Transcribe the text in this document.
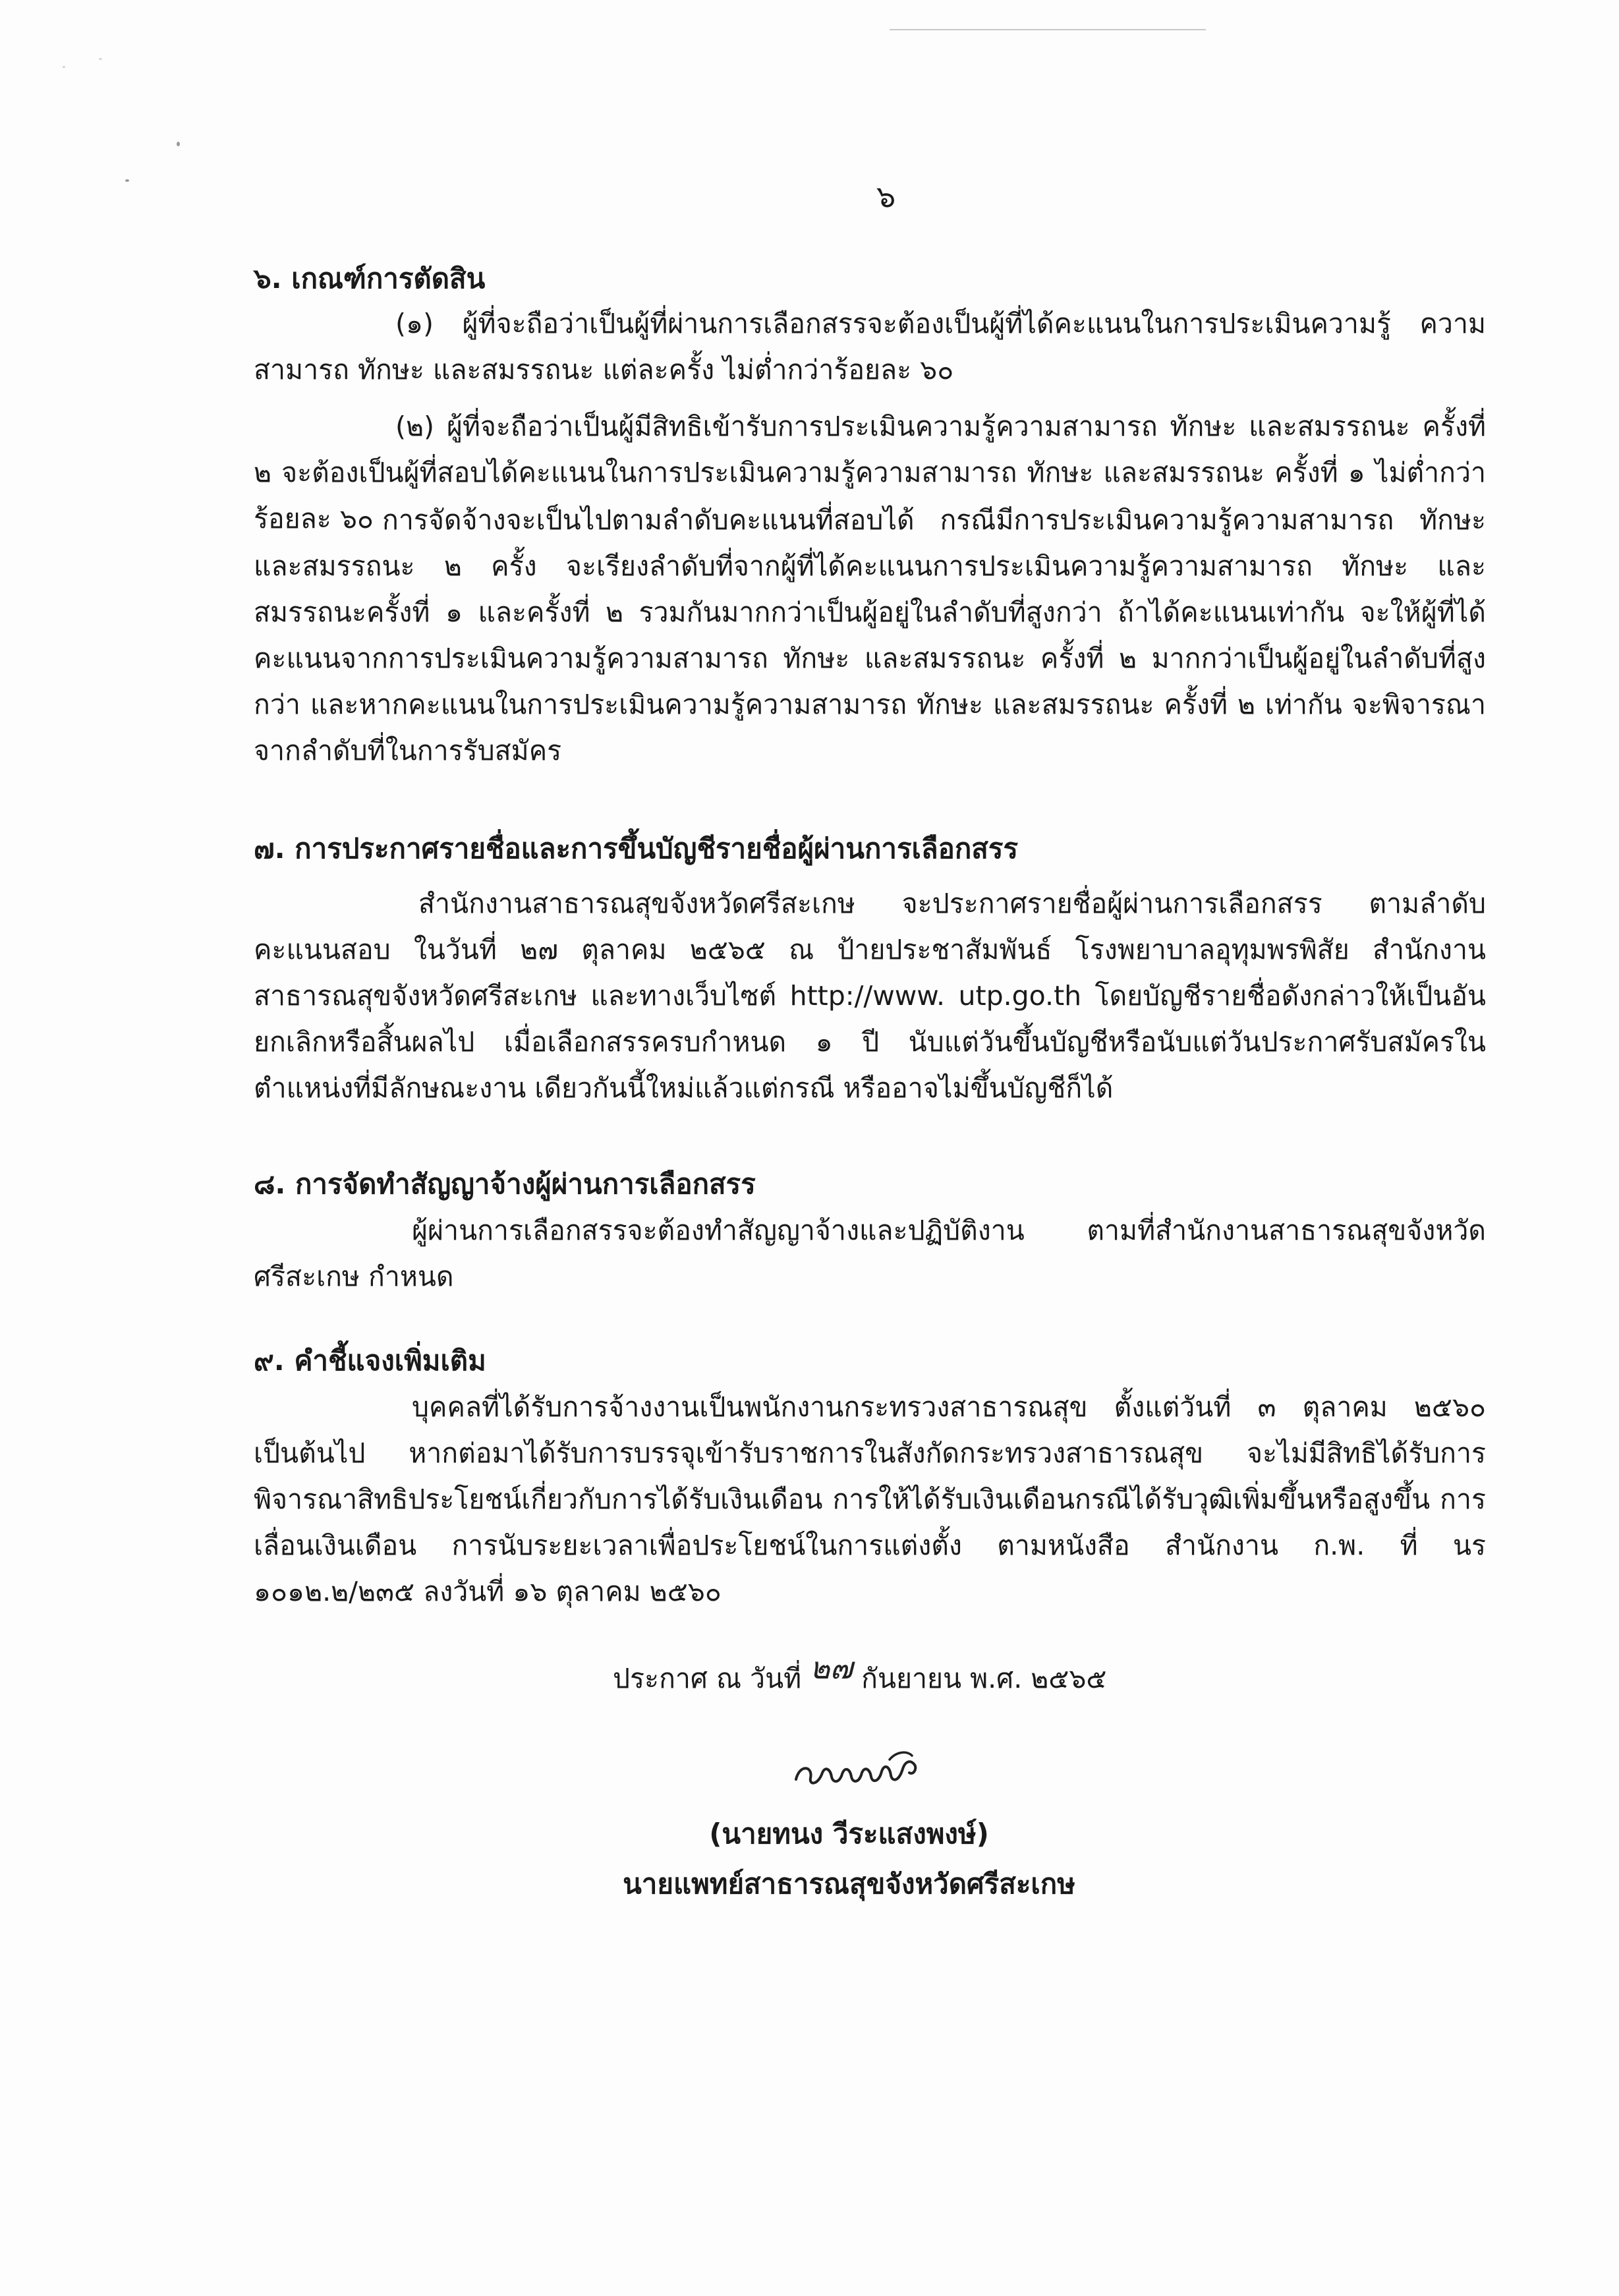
๖
๖. เกณฑ์การตัดสิน
(๑) ผู้ที่จะถือว่าเป็นผู้ที่ผ่านการเลือกสรรจะต้องเป็นผู้ที่ได้คะแนนในการประเมินความรู้ ความสามารถ ทักษะ และสมรรถนะ แต่ละครั้ง ไม่ต่ำกว่าร้อยละ ๖๐
(๒) ผู้ที่จะถือว่าเป็นผู้มีสิทธิเข้ารับการประเมินความรู้ความสามารถ ทักษะ และสมรรถนะ ครั้งที่ ๒ จะต้องเป็นผู้ที่สอบได้คะแนนในการประเมินความรู้ความสามารถ ทักษะ และสมรรถนะ ครั้งที่ ๑ ไม่ต่ำกว่าร้อยละ ๖๐ การจัดจ้างจะเป็นไปตามลำดับคะแนนที่สอบได้ กรณีมีการประเมินความรู้ความสามารถ ทักษะ และสมรรถนะ ๒ ครั้ง จะเรียงลำดับที่จากผู้ที่ได้คะแนนการประเมินความรู้ความสามารถ ทักษะ และสมรรถนะครั้งที่ ๑ และครั้งที่ ๒ รวมกันมากกว่าเป็นผู้อยู่ในลำดับที่สูงกว่า ถ้าได้คะแนนเท่ากัน จะให้ผู้ที่ได้คะแนนจากการประเมินความรู้ความสามารถ ทักษะ และสมรรถนะ ครั้งที่ ๒ มากกว่าเป็นผู้อยู่ในลำดับที่สูงกว่า และหากคะแนนในการประเมินความรู้ความสามารถ ทักษะ และสมรรถนะ ครั้งที่ ๒ เท่ากัน จะพิจารณาจากลำดับที่ในการรับสมัคร
๗. การประกาศรายชื่อและการขึ้นบัญชีรายชื่อผู้ผ่านการเลือกสรร
สำนักงานสาธารณสุขจังหวัดศรีสะเกษ จะประกาศรายชื่อผู้ผ่านการเลือกสรร ตามลำดับคะแนนสอบ ในวันที่ ๒๗ ตุลาคม ๒๕๖๕ ณ ป้ายประชาสัมพันธ์ โรงพยาบาลอุทุมพรพิสัย สำนักงานสาธารณสุขจังหวัดศรีสะเกษ และทางเว็บไซต์ http://www. utp.go.th โดยบัญชีรายชื่อดังกล่าวให้เป็นอันยกเลิกหรือสิ้นผลไป เมื่อเลือกสรรครบกำหนด ๑ ปี นับแต่วันขึ้นบัญชีหรือนับแต่วันประกาศรับสมัครในตำแหน่งที่มีลักษณะงาน เดียวกันนี้ใหม่แล้วแต่กรณี หรืออาจไม่ขึ้นบัญชีก็ได้
๘. การจัดทำสัญญาจ้างผู้ผ่านการเลือกสรร
ผู้ผ่านการเลือกสรรจะต้องทำสัญญาจ้างและปฏิบัติงาน ตามที่สำนักงานสาธารณสุขจังหวัดศรีสะเกษ กำหนด
๙. คำชี้แจงเพิ่มเติม
บุคคลที่ได้รับการจ้างงานเป็นพนักงานกระทรวงสาธารณสุข ตั้งแต่วันที่ ๓ ตุลาคม ๒๕๖๐ เป็นต้นไป หากต่อมาได้รับการบรรจุเข้ารับราชการในสังกัดกระทรวงสาธารณสุข จะไม่มีสิทธิได้รับการพิจารณาสิทธิประโยชน์เกี่ยวกับการได้รับเงินเดือน การให้ได้รับเงินเดือนกรณีได้รับวุฒิเพิ่มขึ้นหรือสูงขึ้น การเลื่อนเงินเดือน การนับระยะเวลาเพื่อประโยชน์ในการแต่งตั้ง ตามหนังสือ สำนักงาน ก.พ. ที่ นร ๑๐๑๒.๒/๒๓๕ ลงวันที่ ๑๖ ตุลาคม ๒๕๖๐
ประกาศ ณ วันที่ ๒๗ กันยายน พ.ศ. ๒๕๖๕
(นายทนง วีระแสงพงษ์)
นายแพทย์สาธารณสุขจังหวัดศรีสะเกษ
